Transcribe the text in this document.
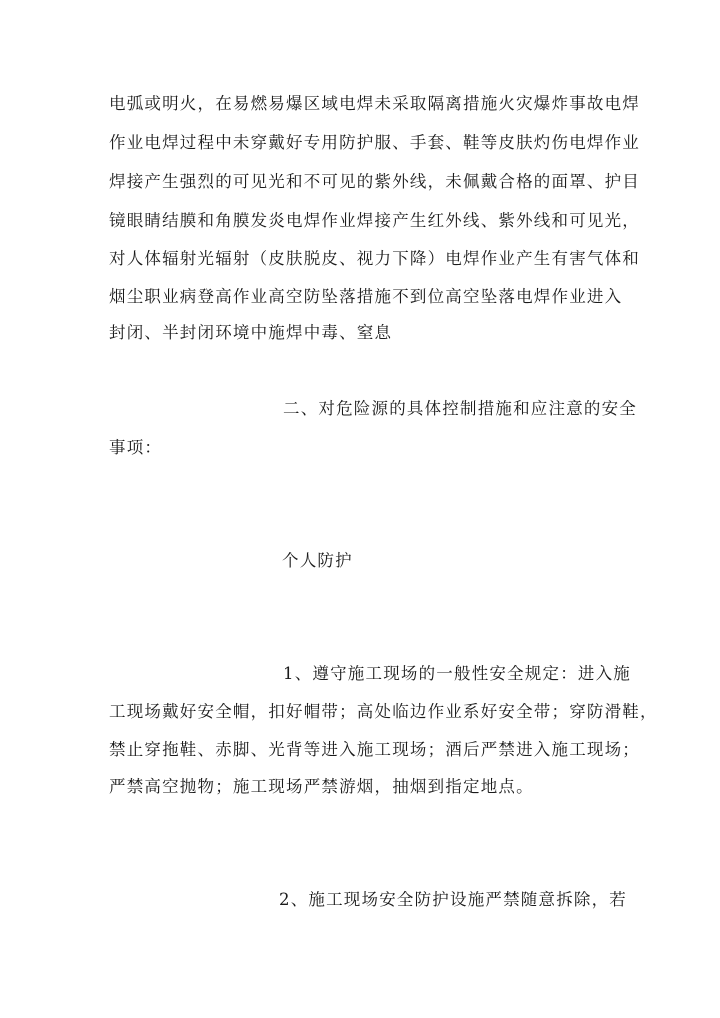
电弧或明火，在易燃易爆区域电焊未采取隔离措施火灾爆炸事故电焊
作业电焊过程中未穿戴好专用防护服、手套、鞋等皮肤灼伤电焊作业
焊接产生强烈的可见光和不可见的紫外线，未佩戴合格的面罩、护目
镜眼睛结膜和角膜发炎电焊作业焊接产生红外线、紫外线和可见光，
对人体辐射光辐射（皮肤脱皮、视力下降）电焊作业产生有害气体和
烟尘职业病登高作业高空防坠落措施不到位高空坠落电焊作业进入
封闭、半封闭环境中施焊中毒、窒息
二、对危险源的具体控制措施和应注意的安全
事项：
个人防护
1、遵守施工现场的一般性安全规定：进入施
工现场戴好安全帽，扣好帽带；高处临边作业系好安全带；穿防滑鞋，
禁止穿拖鞋、赤脚、光背等进入施工现场；酒后严禁进入施工现场；
严禁高空抛物；施工现场严禁游烟，抽烟到指定地点。
2、施工现场安全防护设施严禁随意拆除，若
